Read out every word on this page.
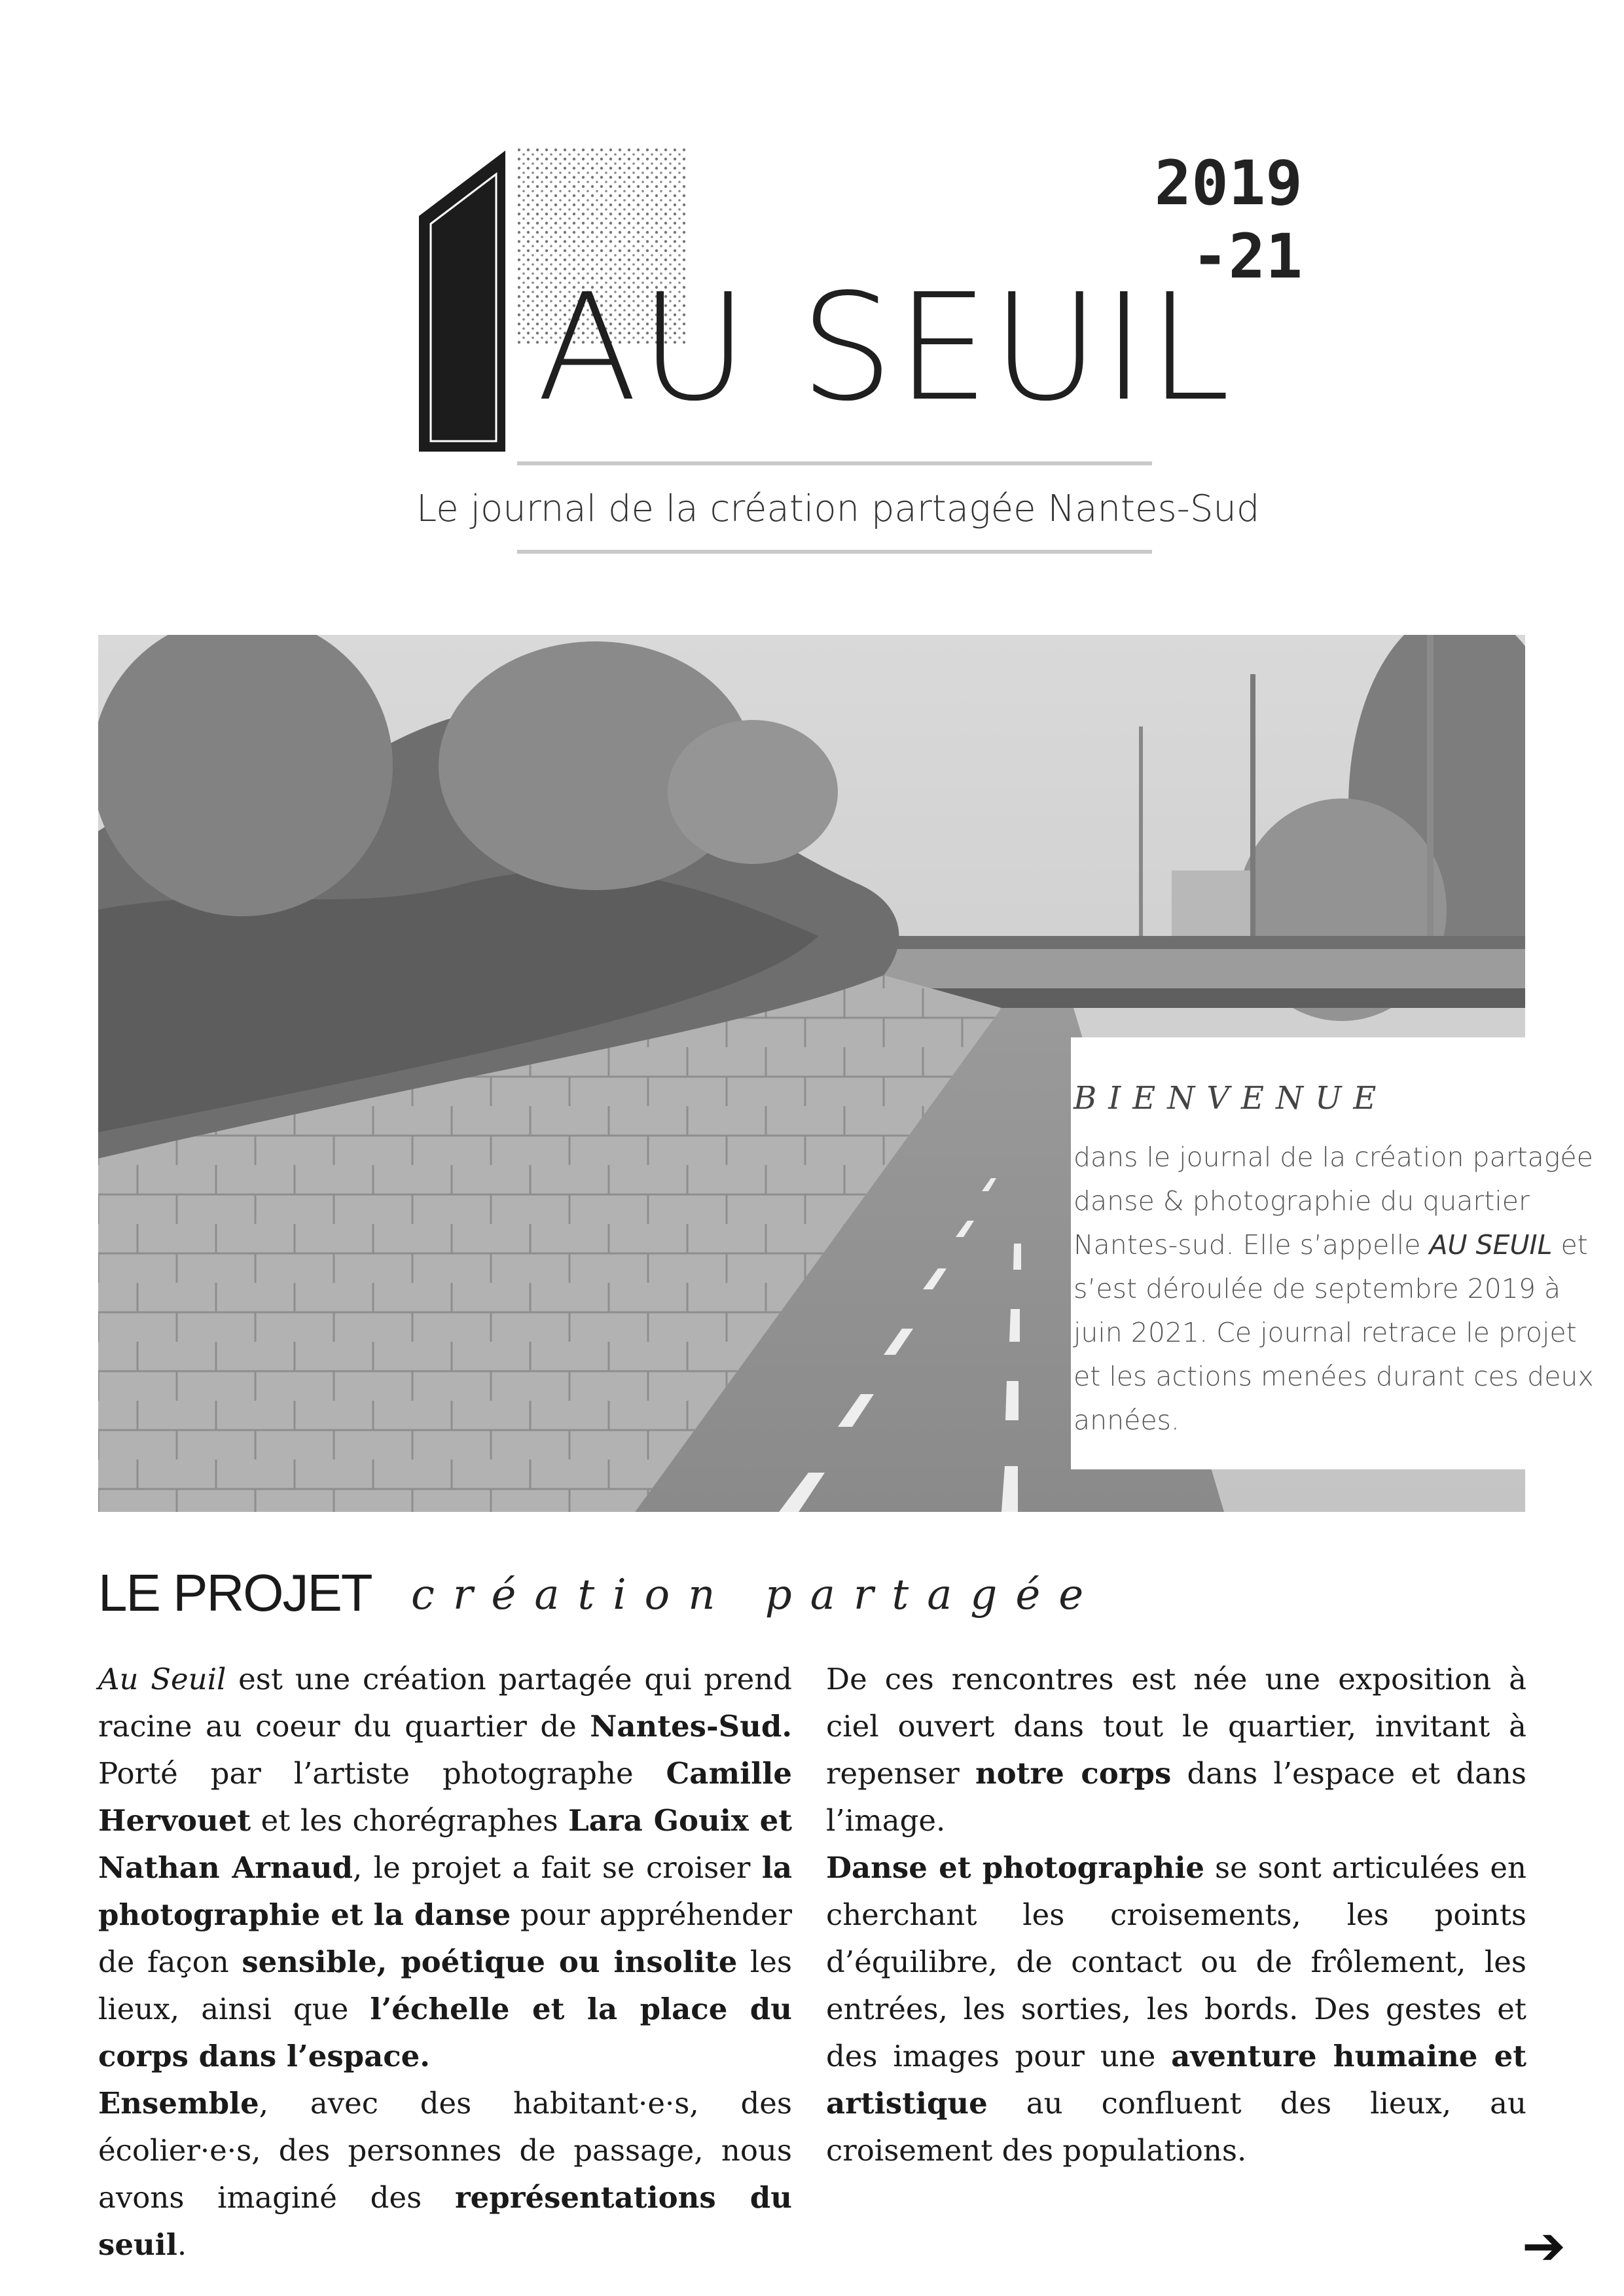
AU SEUIL
2019
-21
Le journal de la création partagée Nantes-Sud
BIENVENUE

dans le journal de la création partagée danse & photographie du quartier Nantes-sud. Elle s’appelle AU SEUIL et s’est déroulée de septembre 2019 à juin 2021. Ce journal retrace le projet et les actions menées durant ces deux années.

LE PROJET création partagée

Au Seuil est une création partagée qui prend racine au coeur du quartier de Nantes-Sud. Porté par l’artiste photographe Camille Hervouet et les chorégraphes Lara Gouix et Nathan Arnaud, le projet a fait se croiser la photographie et la danse pour appréhender de façon sensible, poétique ou insolite les lieux, ainsi que l’échelle et la place du corps dans l’espace.

Ensemble, avec des habitant·e·s, des écolier·e·s, des personnes de passage, nous avons imaginé des représentations du seuil.

De ces rencontres est née une exposition à ciel ouvert dans tout le quartier, invitant à repenser notre corps dans l’espace et dans l’image.

Danse et photographie se sont articulées en cherchant les croisements, les points d’équilibre, de contact ou de frôlement, les entrées, les sorties, les bords. Des gestes et des images pour une aventure humaine et artistique au confluent des lieux, au croisement des populations.

➔
